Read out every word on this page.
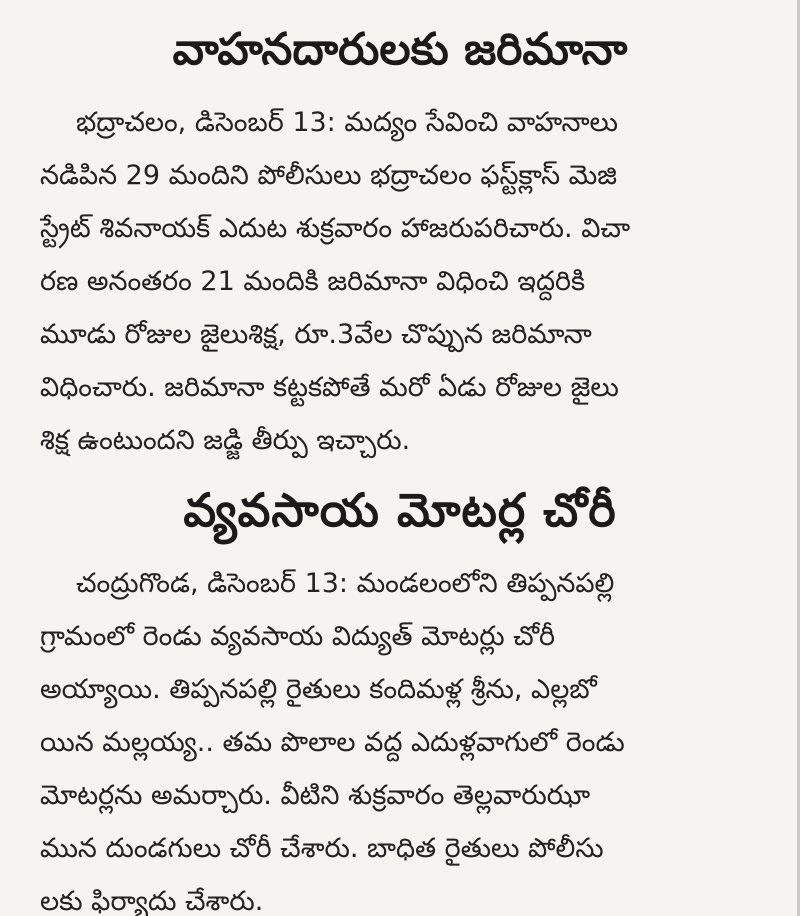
వాహనదారులకు జరిమానా
భద్రాచలం, డిసెంబర్ 13: మద్యం సేవించి వాహనాలు
నడిపిన 29 మందిని పోలీసులు భద్రాచలం ఫస్ట్‌క్లాస్ మెజి
స్ట్రేట్ శివనాయక్ ఎదుట శుక్రవారం హాజరుపరిచారు. విచా
రణ అనంతరం 21 మందికి జరిమానా విధించి ఇద్దరికి
మూడు రోజుల జైలుశిక్ష, రూ.3వేల చొప్పున జరిమానా
విధించారు. జరిమానా కట్టకపోతే మరో ఏడు రోజుల జైలు
శిక్ష ఉంటుందని జడ్జి తీర్పు ఇచ్చారు.
వ్యవసాయ మోటర్ల చోరీ
చంద్రుగొండ, డిసెంబర్ 13: మండలంలోని తిప్పనపల్లి
గ్రామంలో రెండు వ్యవసాయ విద్యుత్ మోటర్లు చోరీ
అయ్యాయి. తిప్పనపల్లి రైతులు కందిమళ్ల శ్రీను, ఎల్లబో
యిన మల్లయ్య.. తమ పొలాల వద్ద ఎదుళ్లవాగులో రెండు
మోటర్లను అమర్చారు. వీటిని శుక్రవారం తెల్లవారుఝా
మున దుండగులు చోరీ చేశారు. బాధిత రైతులు పోలీసు
లకు ఫిర్యాదు చేశారు.
